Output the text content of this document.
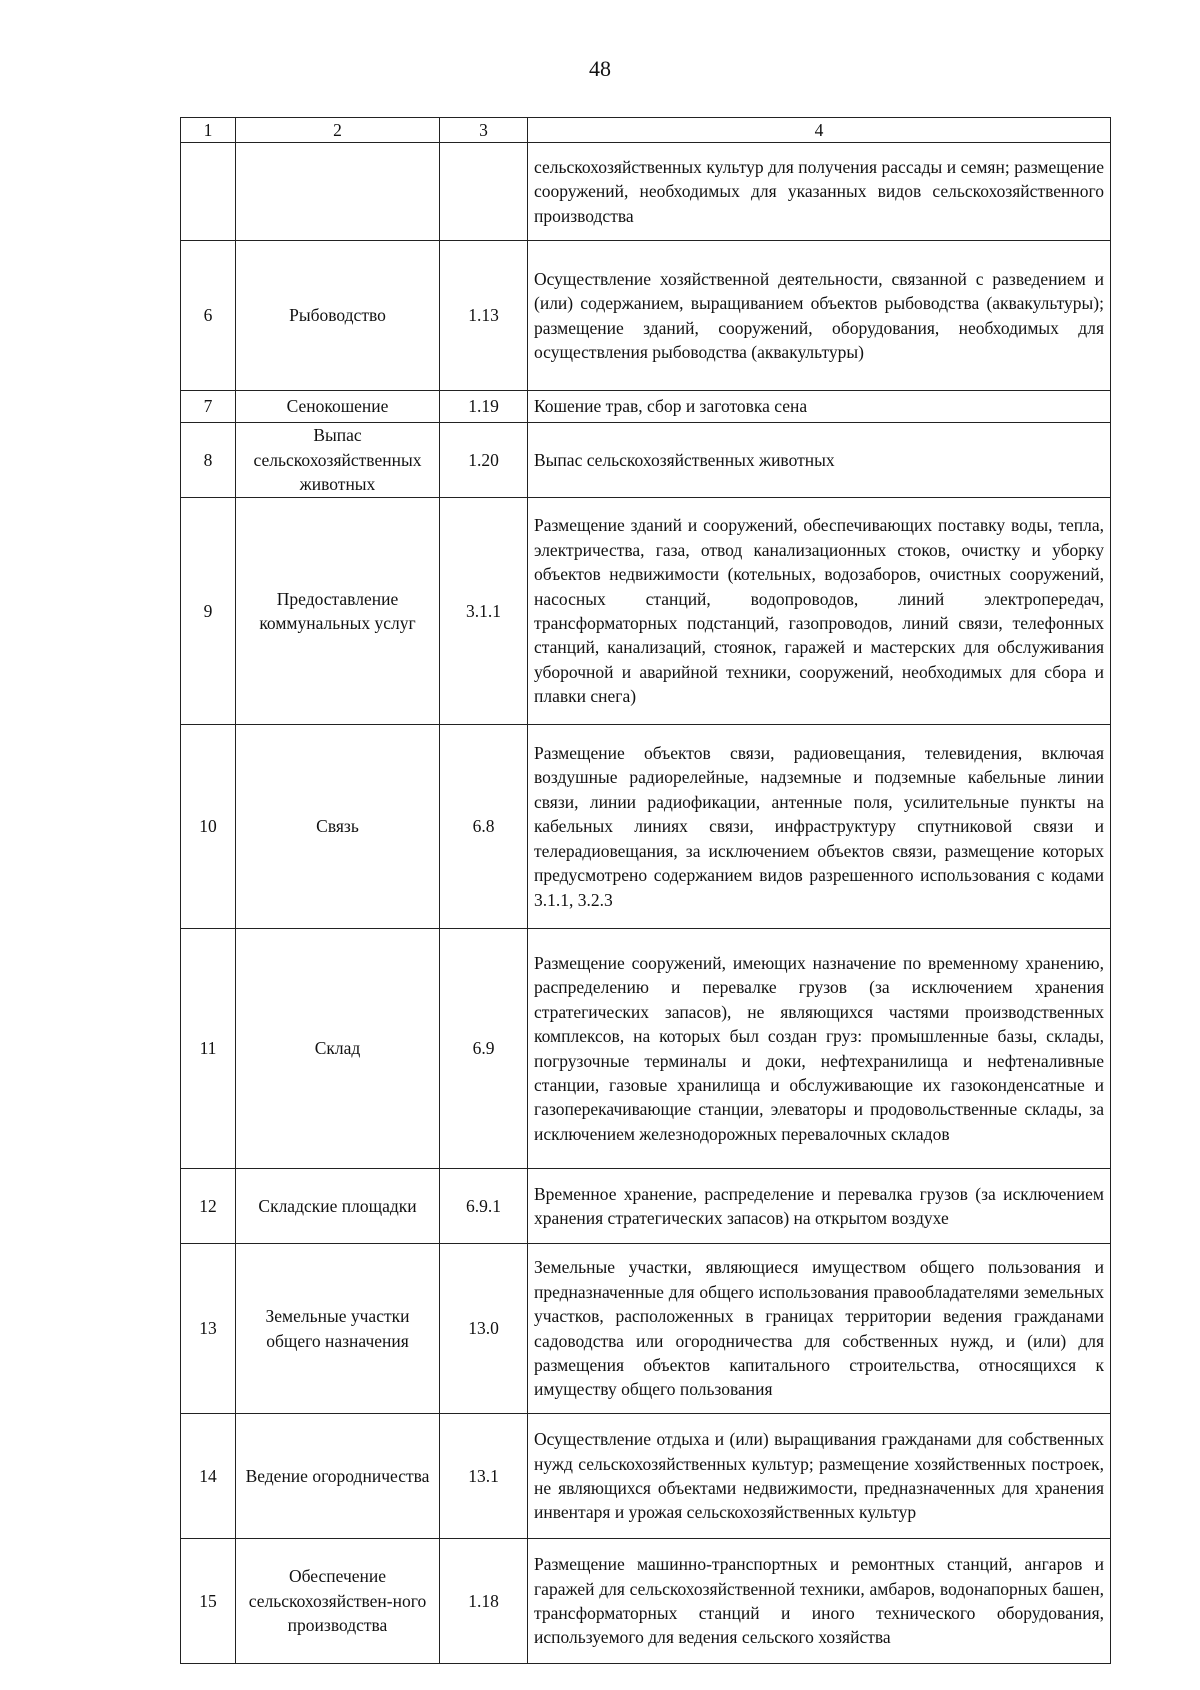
48
1	2	3	4
			сельскохозяйственных культур для получения рассады и семян; размещение сооружений, необходимых для указанных видов сельскохозяйственного производства
6	Рыбоводство	1.13	Осуществление хозяйственной деятельности, связанной с разведением и (или) содержанием, выращиванием объектов рыбоводства (аквакультуры); размещение зданий, сооружений, оборудования, необходимых для осуществления рыбоводства (аквакультуры)
7	Сенокошение	1.19	Кошение трав, сбор и заготовка сена
8	Выпас сельскохозяйственных животных	1.20	Выпас сельскохозяйственных животных
9	Предоставление коммунальных услуг	3.1.1	Размещение зданий и сооружений, обеспечивающих поставку воды, тепла, электричества, газа, отвод канализационных стоков, очистку и уборку объектов недвижимости (котельных, водозаборов, очистных сооружений, насосных станций, водопроводов, линий электропередач, трансформаторных подстанций, газопроводов, линий связи, телефонных станций, канализаций, стоянок, гаражей и мастерских для обслуживания уборочной и аварийной техники, сооружений, необходимых для сбора и плавки снега)
10	Связь	6.8	Размещение объектов связи, радиовещания, телевидения, включая воздушные радиорелейные, надземные и подземные кабельные линии связи, линии радиофикации, антенные поля, усилительные пункты на кабельных линиях связи, инфраструктуру спутниковой связи и телерадиовещания, за исключением объектов связи, размещение которых предусмотрено содержанием видов разрешенного использования с кодами 3.1.1, 3.2.3
11	Склад	6.9	Размещение сооружений, имеющих назначение по временному хранению, распределению и перевалке грузов (за исключением хранения стратегических запасов), не являющихся частями производственных комплексов, на которых был создан груз: промышленные базы, склады, погрузочные терминалы и доки, нефтехранилища и нефтеналивные станции, газовые хранилища и обслуживающие их газоконденсатные и газоперекачивающие станции, элеваторы и продовольственные склады, за исключением железнодорожных перевалочных складов
12	Складские площадки	6.9.1	Временное хранение, распределение и перевалка грузов (за исключением хранения стратегических запасов) на открытом воздухе
13	Земельные участки общего назначения	13.0	Земельные участки, являющиеся имуществом общего пользования и предназначенные для общего использования правообладателями земельных участков, расположенных в границах территории ведения гражданами садоводства или огородничества для собственных нужд, и (или) для размещения объектов капитального строительства, относящихся к имуществу общего пользования
14	Ведение огородничества	13.1	Осуществление отдыха и (или) выращивания гражданами для собственных нужд сельскохозяйственных культур; размещение хозяйственных построек, не являющихся объектами недвижимости, предназначенных для хранения инвентаря и урожая сельскохозяйственных культур
15	Обеспечение сельскохозяйствен-ного производства	1.18	Размещение машинно-транспортных и ремонтных станций, ангаров и гаражей для сельскохозяйственной техники, амбаров, водонапорных башен, трансформаторных станций и иного технического оборудования, используемого для ведения сельского хозяйства
